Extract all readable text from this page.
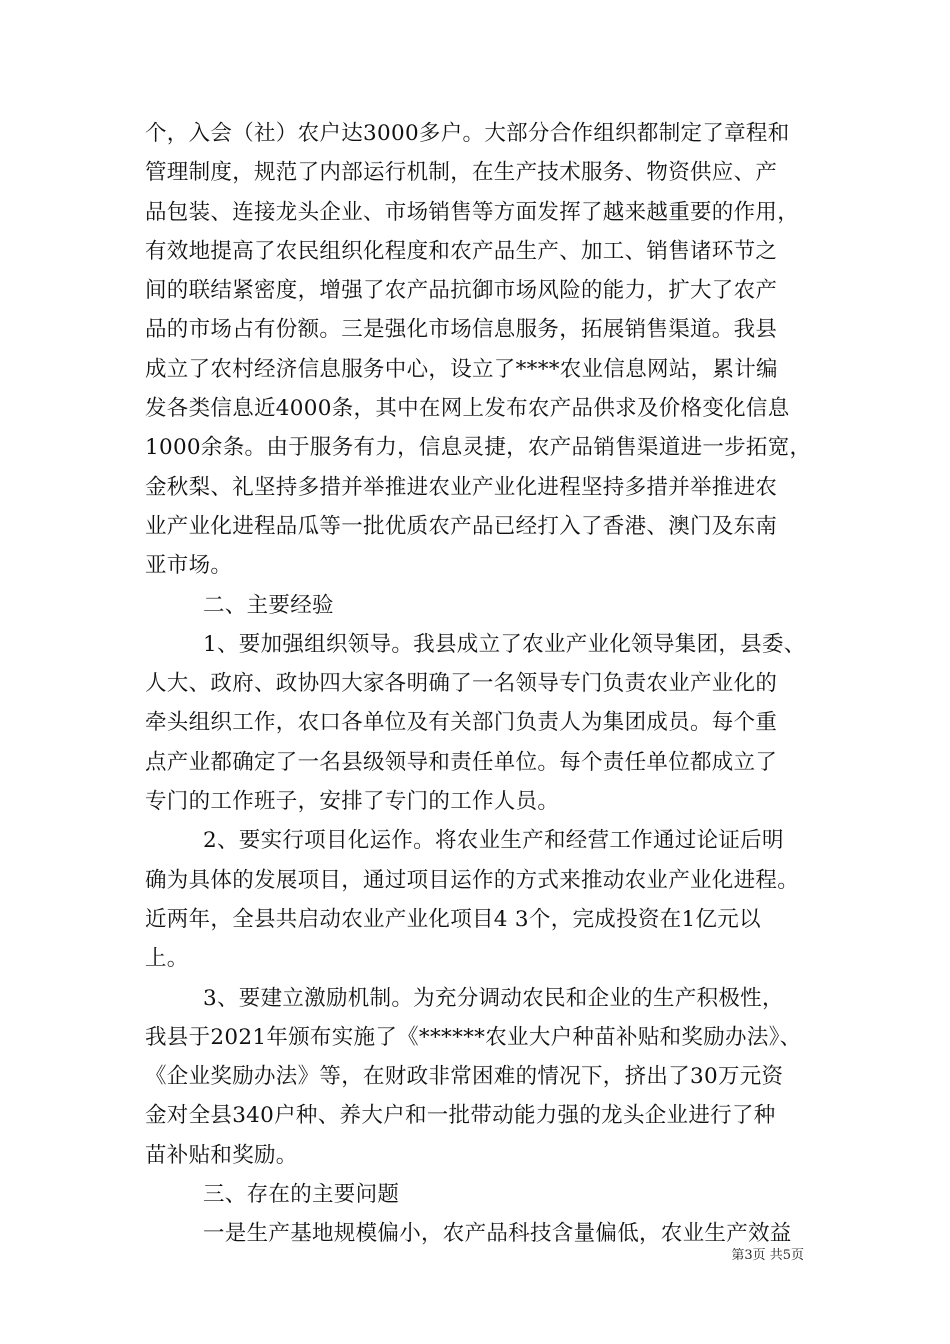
个，入会（社）农户达3000多户。大部分合作组织都制定了章程和
管理制度，规范了内部运行机制，在生产技术服务、物资供应、产
品包装、连接龙头企业、市场销售等方面发挥了越来越重要的作用，
有效地提高了农民组织化程度和农产品生产、加工、销售诸环节之
间的联结紧密度，增强了农产品抗御市场风险的能力，扩大了农产
品的市场占有份额。三是强化市场信息服务，拓展销售渠道。我县
成立了农村经济信息服务中心，设立了****农业信息网站，累计编
发各类信息近4000条，其中在网上发布农产品供求及价格变化信息
1000余条。由于服务有力，信息灵捷，农产品销售渠道进一步拓宽，
金秋梨、礼坚持多措并举推进农业产业化进程坚持多措并举推进农
业产业化进程品瓜等一批优质农产品已经打入了香港、澳门及东南
亚市场。
二、主要经验
1、要加强组织领导。我县成立了农业产业化领导集团，县委、
人大、政府、政协四大家各明确了一名领导专门负责农业产业化的
牵头组织工作，农口各单位及有关部门负责人为集团成员。每个重
点产业都确定了一名县级领导和责任单位。每个责任单位都成立了
专门的工作班子，安排了专门的工作人员。
2、要实行项目化运作。将农业生产和经营工作通过论证后明
确为具体的发展项目，通过项目运作的方式来推动农业产业化进程。
近两年，全县共启动农业产业化项目4 3个，完成投资在1亿元以
上。
3、要建立激励机制。为充分调动农民和企业的生产积极性，
我县于2021年颁布实施了《******农业大户种苗补贴和奖励办法》、
《企业奖励办法》等，在财政非常困难的情况下，挤出了30万元资
金对全县340户种、养大户和一批带动能力强的龙头企业进行了种
苗补贴和奖励。
三、存在的主要问题
一是生产基地规模偏小，农产品科技含量偏低，农业生产效益
第3页 共5页
